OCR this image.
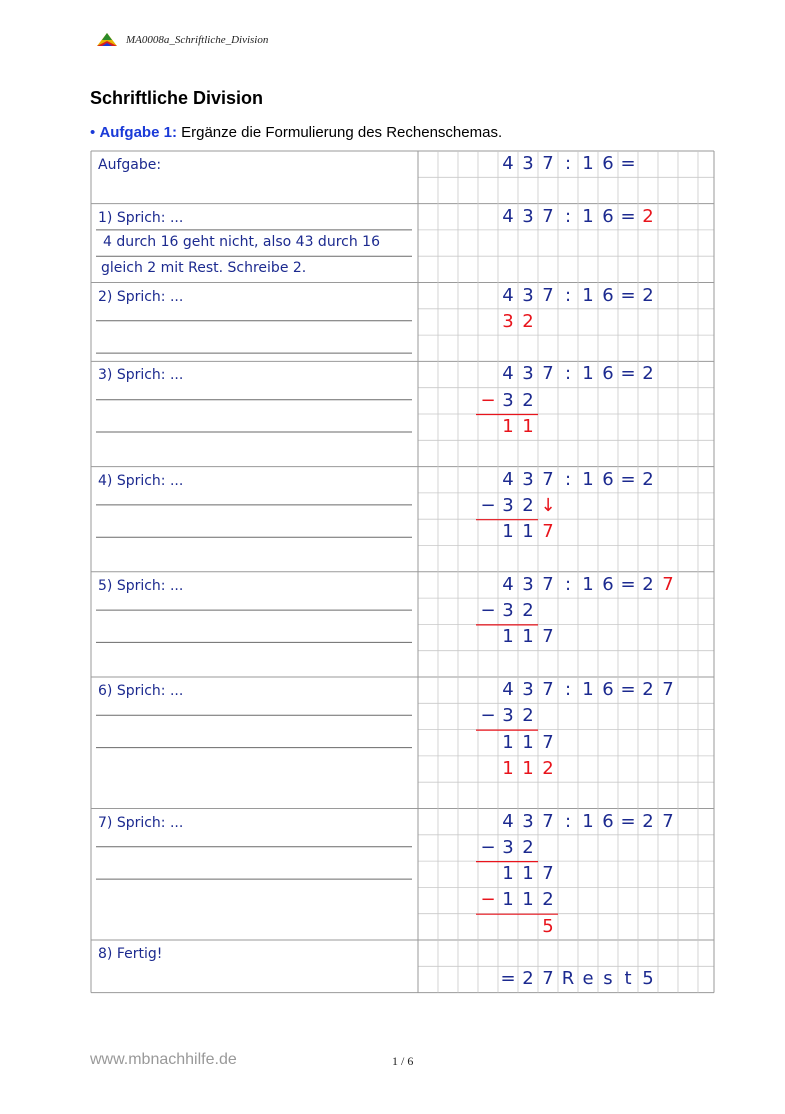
MA0008a_Schriftliche_Division
Schriftliche Division
• Aufgabe 1: Ergänze die Formulierung des Rechenschemas.
Aufgabe:
1) Sprich: ...
4 durch 16 geht nicht, also 43 durch 16
gleich 2 mit Rest. Schreibe 2.
2) Sprich: ...
3) Sprich: ...
4) Sprich: ...
5) Sprich: ...
6) Sprich: ...
7) Sprich: ...
8) Fertig!
4 3 7 : 1 6 =
4 3 7 : 1 6 = 2
4 3 7 : 1 6 = 2
3 2
4 3 7 : 1 6 = 2
− 3 2
1 1
4 3 7 : 1 6 = 2
− 3 2 ↓
1 1 7
4 3 7 : 1 6 = 2 7
− 3 2
1 1 7
4 3 7 : 1 6 = 2 7
− 3 2
1 1 7
1 1 2
4 3 7 : 1 6 = 2 7
− 3 2
1 1 7
− 1 1 2
5
= 2 7 R e s t 5
www.mbnachhilfe.de	1 / 6
